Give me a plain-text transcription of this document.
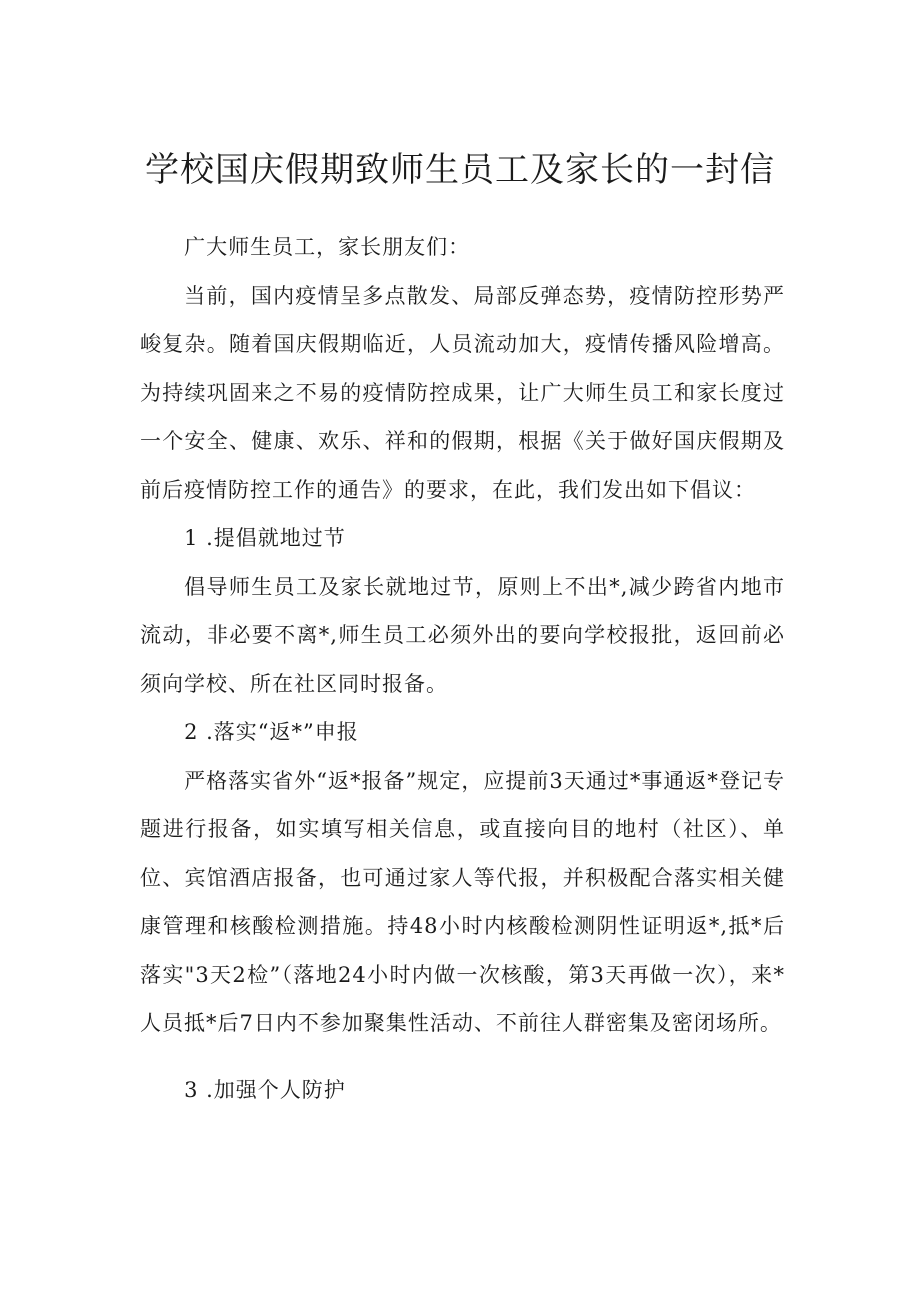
学校国庆假期致师生员工及家长的一封信

广大师生员工，家长朋友们：

当前，国内疫情呈多点散发、局部反弹态势，疫情防控形势严峻复杂。随着国庆假期临近，人员流动加大，疫情传播风险增高。为持续巩固来之不易的疫情防控成果，让广大师生员工和家长度过一个安全、健康、欢乐、祥和的假期，根据《关于做好国庆假期及前后疫情防控工作的通告》的要求，在此，我们发出如下倡议：

1 .提倡就地过节

倡导师生员工及家长就地过节，原则上不出*,减少跨省内地市流动，非必要不离*,师生员工必须外出的要向学校报批，返回前必须向学校、所在社区同时报备。

2 .落实“返*”申报

严格落实省外“返*报备”规定，应提前3天通过*事通返*登记专题进行报备，如实填写相关信息，或直接向目的地村（社区）、单位、宾馆酒店报备，也可通过家人等代报，并积极配合落实相关健康管理和核酸检测措施。持48小时内核酸检测阴性证明返*,抵*后落实"3天2检”（落地24小时内做一次核酸，第3天再做一次），来*人员抵*后7日内不参加聚集性活动、不前往人群密集及密闭场所。

3 .加强个人防护
